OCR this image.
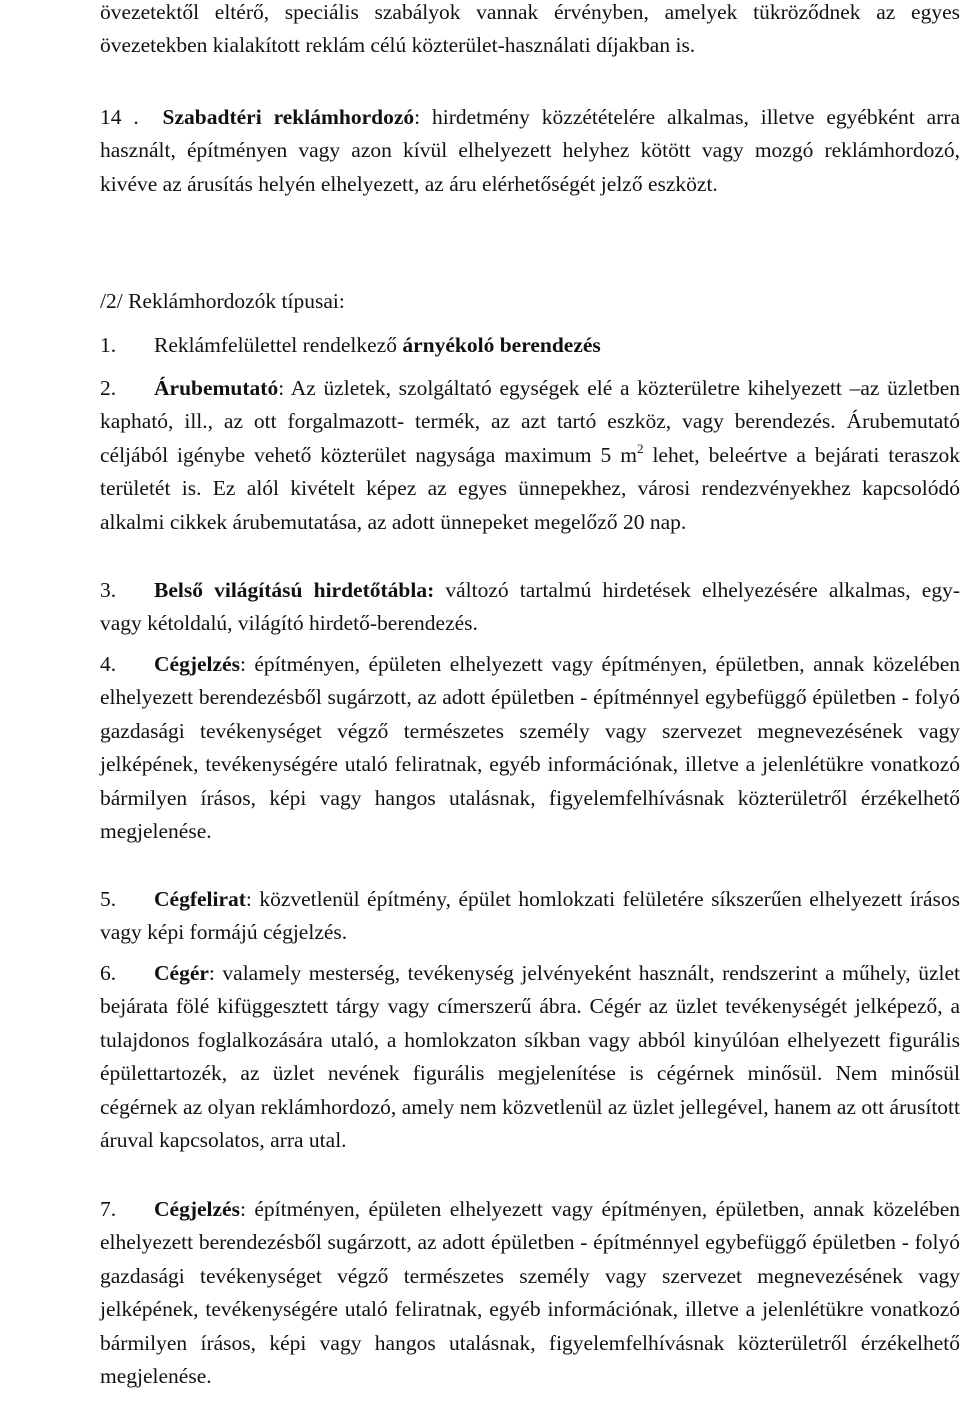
övezetektől eltérő, speciális szabályok vannak érvényben, amelyek tükröződnek az egyes övezetekben kialakított reklám célú közterület-használati díjakban is.

14 . Szabadtéri reklámhordozó: hirdetmény közzétételére alkalmas, illetve egyébként arra használt, építményen vagy azon kívül elhelyezett helyhez kötött vagy mozgó reklámhordozó, kivéve az árusítás helyén elhelyezett, az áru elérhetőségét jelző eszközt.

/2/ Reklámhordozók típusai:
1. Reklámfelülettel rendelkező árnyékoló berendezés
2. Árubemutató: Az üzletek, szolgáltató egységek elé a közterületre kihelyezett –az üzletben kapható, ill., az ott forgalmazott- termék, az azt tartó eszköz, vagy berendezés. Árubemutató céljából igénybe vehető közterület nagysága maximum 5 $m^2$ lehet, beleértve a bejárati teraszok területét is. Ez alól kivételt képez az egyes ünnepekhez, városi rendezvényekhez kapcsolódó alkalmi cikkek árubemutatása, az adott ünnepeket megelőző 20 nap.
3. Belső világítású hirdetőtábla: változó tartalmú hirdetések elhelyezésére alkalmas, egy- vagy kétoldalú, világító hirdető-berendezés.
4. Cégjelzés: építményen, épületen elhelyezett vagy építményen, épületben, annak közelében elhelyezett berendezésből sugárzott, az adott épületben - építménnyel egybefüggő épületben - folyó gazdasági tevékenységet végző természetes személy vagy szervezet megnevezésének vagy jelképének, tevékenységére utaló feliratnak, egyéb információnak, illetve a jelenlétükre vonatkozó bármilyen írásos, képi vagy hangos utalásnak, figyelemfelhívásnak közterületről érzékelhető megjelenése.
5. Cégfelirat: közvetlenül építmény, épület homlokzati felületére síkszerűen elhelyezett írásos vagy képi formájú cégjelzés.
6. Cégér: valamely mesterség, tevékenység jelvényeként használt, rendszerint a műhely, üzlet bejárata fölé kifüggesztett tárgy vagy címerszerű ábra. Cégér az üzlet tevékenységét jelképező, a tulajdonos foglalkozására utaló, a homlokzaton síkban vagy abból kinyúlóan elhelyezett figurális épülettartozék, az üzlet nevének figurális megjelenítése is cégérnek minősül. Nem minősül cégérnek az olyan reklámhordozó, amely nem közvetlenül az üzlet jellegével, hanem az ott árusított áruval kapcsolatos, arra utal.
7. Cégjelzés: építményen, épületen elhelyezett vagy építményen, épületben, annak közelében elhelyezett berendezésből sugárzott, az adott épületben - építménnyel egybefüggő épületben - folyó gazdasági tevékenységet végző természetes személy vagy szervezet megnevezésének vagy jelképének, tevékenységére utaló feliratnak, egyéb információnak, illetve a jelenlétükre vonatkozó bármilyen írásos, képi vagy hangos utalásnak, figyelemfelhívásnak közterületről érzékelhető megjelenése.
